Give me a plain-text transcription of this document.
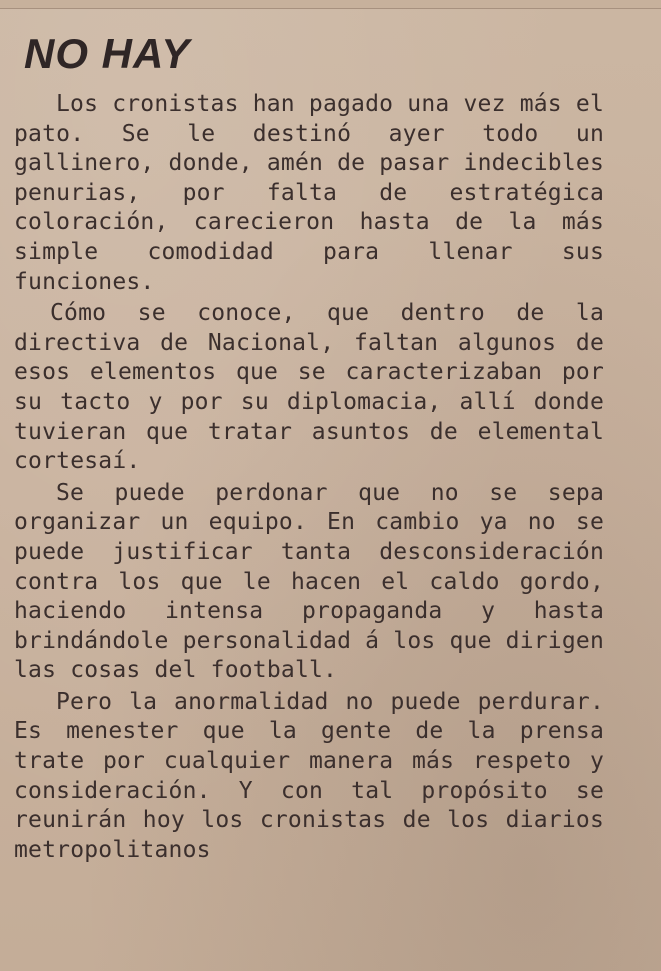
NO HAY

Los cronistas han pagado una vez más el pato. Se le destinó ayer todo un gallinero, donde, amén de pasar indecibles penurias, por falta de estratégica coloración, carecieron hasta de la más simple comodidad para llenar sus funciones.

Cómo se conoce, que dentro de la directiva de Nacional, faltan algunos de esos elementos que se caracterizaban por su tacto y por su diplomacia, allí donde tuvieran que tratar asuntos de elemental cortesaí.

Se puede perdonar que no se sepa organizar un equipo. En cambio ya no se puede justificar tanta desconsideración contra los que le hacen el caldo gordo, haciendo intensa propaganda y hasta brindándole personalidad á los que dirigen las cosas del football.

Pero la anormalidad no puede perdurar. Es menester que la gente de la prensa trate por cualquier manera más respeto y consideración. Y con tal propósito se reunirán hoy los cronistas de los diarios metropolitanos
